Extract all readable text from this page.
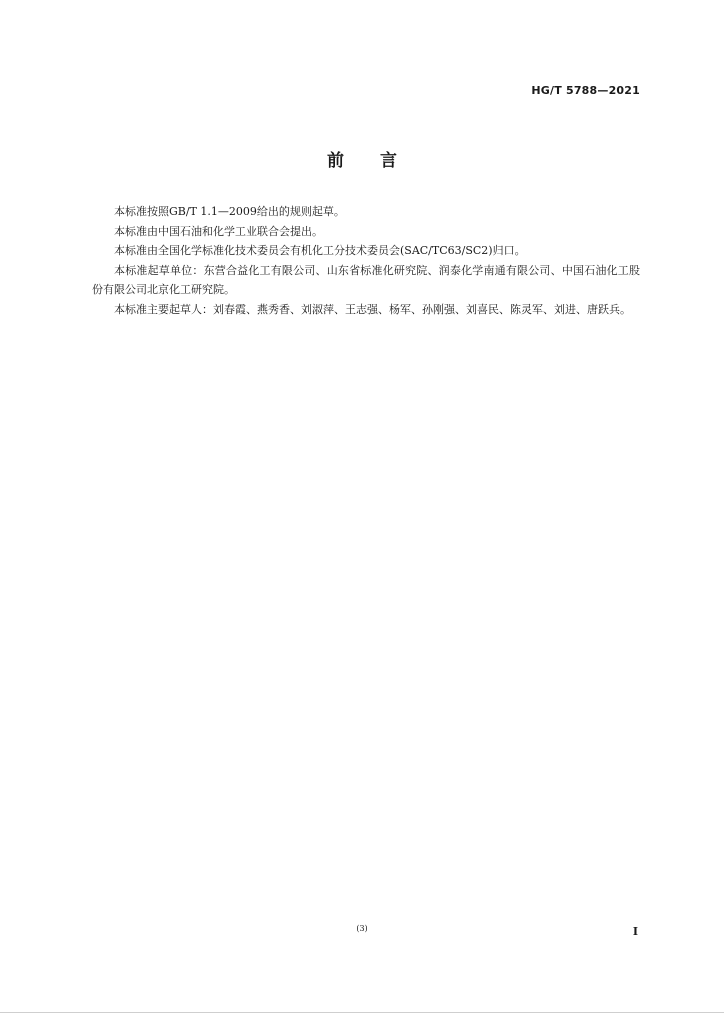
HG/T 5788—2021
前言

本标准按照GB/T 1.1—2009给出的规则起草。

本标准由中国石油和化学工业联合会提出。

本标准由全国化学标准化技术委员会有机化工分技术委员会(SAC/TC63/SC2)归口。

本标准起草单位：东营合益化工有限公司、山东省标准化研究院、润泰化学南通有限公司、中国石油化工股份有限公司北京化工研究院。

本标准主要起草人：刘春霞、燕秀香、刘淑萍、王志强、杨军、孙刚强、刘喜民、陈灵军、刘进、唐跃兵。

(3)	I
